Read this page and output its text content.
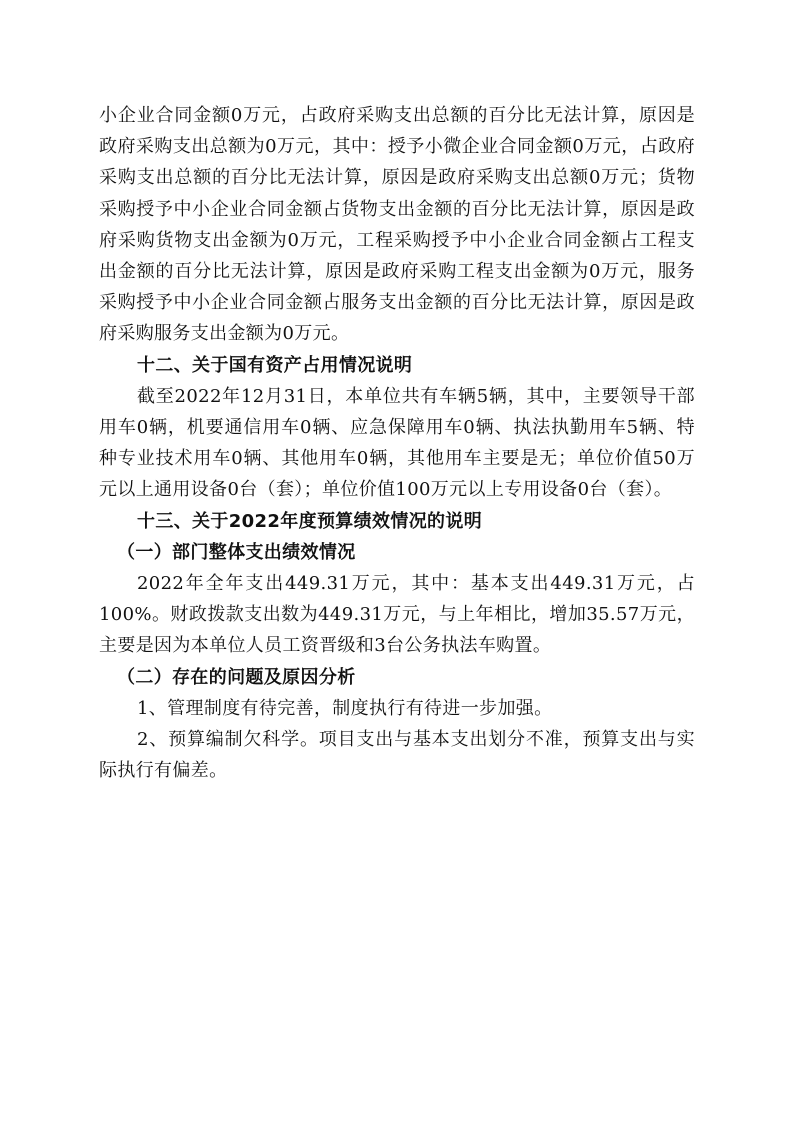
小企业合同金额0万元，占政府采购支出总额的百分比无法计算，原因是政府采购支出总额为0万元，其中：授予小微企业合同金额0万元，占政府采购支出总额的百分比无法计算，原因是政府采购支出总额0万元；货物采购授予中小企业合同金额占货物支出金额的百分比无法计算，原因是政府采购货物支出金额为0万元，工程采购授予中小企业合同金额占工程支出金额的百分比无法计算，原因是政府采购工程支出金额为0万元，服务采购授予中小企业合同金额占服务支出金额的百分比无法计算，原因是政府采购服务支出金额为0万元。

十二、关于国有资产占用情况说明

截至2022年12月31日，本单位共有车辆5辆，其中，主要领导干部用车0辆，机要通信用车0辆、应急保障用车0辆、执法执勤用车5辆、特种专业技术用车0辆、其他用车0辆，其他用车主要是无；单位价值50万元以上通用设备0台（套）；单位价值100万元以上专用设备0台（套）。

十三、关于2022年度预算绩效情况的说明

（一）部门整体支出绩效情况

2022年全年支出449.31万元，其中：基本支出449.31万元，占100%。财政拨款支出数为449.31万元，与上年相比，增加35.57万元，主要是因为本单位人员工资晋级和3台公务执法车购置。

（二）存在的问题及原因分析

1、管理制度有待完善，制度执行有待进一步加强。

2、预算编制欠科学。项目支出与基本支出划分不准，预算支出与实际执行有偏差。
